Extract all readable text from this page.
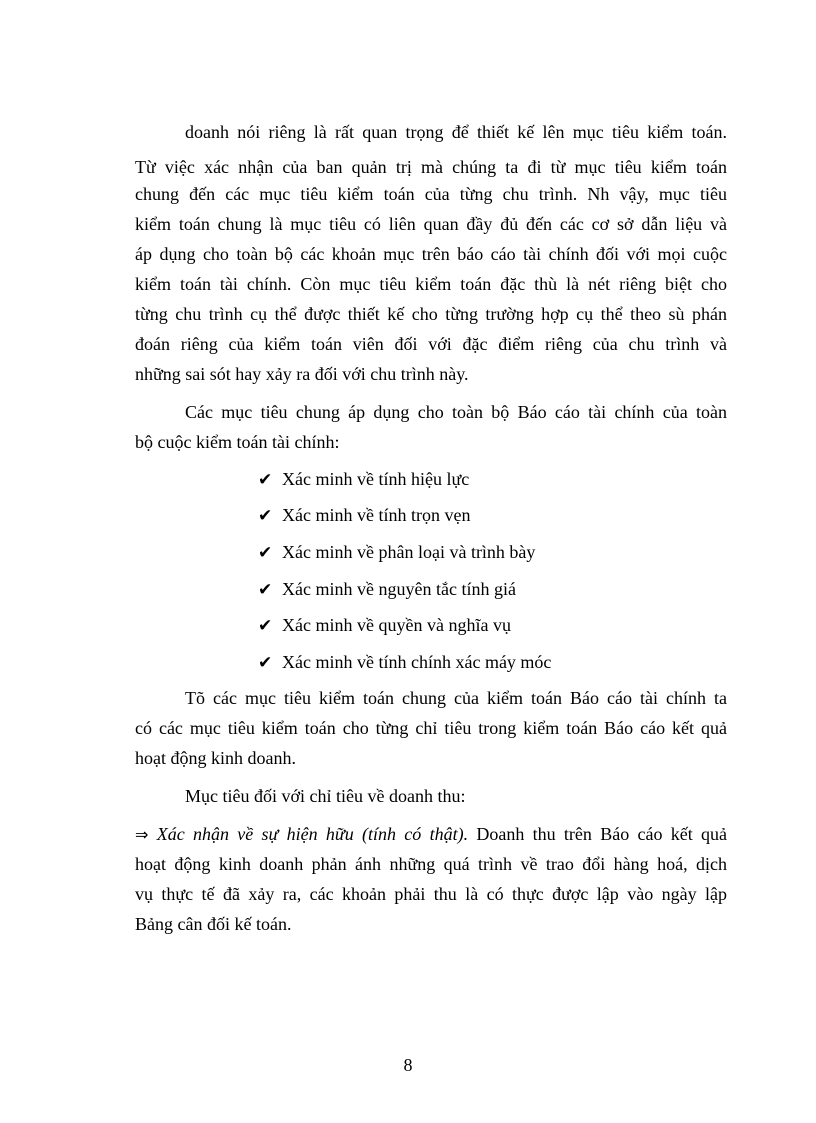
doanh nói riêng là rất quan trọng để thiết kế lên mục tiêu kiểm toán.

Từ việc xác nhận của ban quản trị mà chúng ta đi từ mục tiêu kiểm toán

chung đến các mục tiêu kiểm toán của từng chu trình. Nh vậy, mục tiêu

kiểm toán chung là mục tiêu có liên quan đầy đủ đến các cơ sở dẫn liệu và

áp dụng cho toàn bộ các khoản mục trên báo cáo tài chính đối với mọi cuộc

kiểm toán tài chính. Còn mục tiêu kiểm toán đặc thù là nét riêng biệt cho

từng chu trình cụ thể được thiết kế cho từng trường hợp cụ thể theo sù phán

đoán riêng của kiểm toán viên đối với đặc điểm riêng của chu trình và

những sai sót hay xảy ra đối với chu trình này.

Các mục tiêu chung áp dụng cho toàn bộ Báo cáo tài chính của toàn

bộ cuộc kiểm toán tài chính:

✔ Xác minh về tính hiệu lực
✔ Xác minh về tính trọn vẹn
✔ Xác minh về phân loại và trình bày
✔ Xác minh về nguyên tắc tính giá
✔ Xác minh về quyền và nghĩa vụ
✔ Xác minh về tính chính xác máy móc

Tõ các mục tiêu kiểm toán chung của kiểm toán Báo cáo tài chính ta

có các mục tiêu kiểm toán cho từng chỉ tiêu trong kiểm toán Báo cáo kết quả

hoạt động kinh doanh.

Mục tiêu đối với chỉ tiêu về doanh thu:

⇒ Xác nhận về sự hiện hữu (tính có thật). Doanh thu trên Báo cáo kết quả

hoạt động kinh doanh phản ánh những quá trình về trao đổi hàng hoá, dịch

vụ thực tế đã xảy ra, các khoản phải thu là có thực được lập vào ngày lập

Bảng cân đối kế toán.

8
